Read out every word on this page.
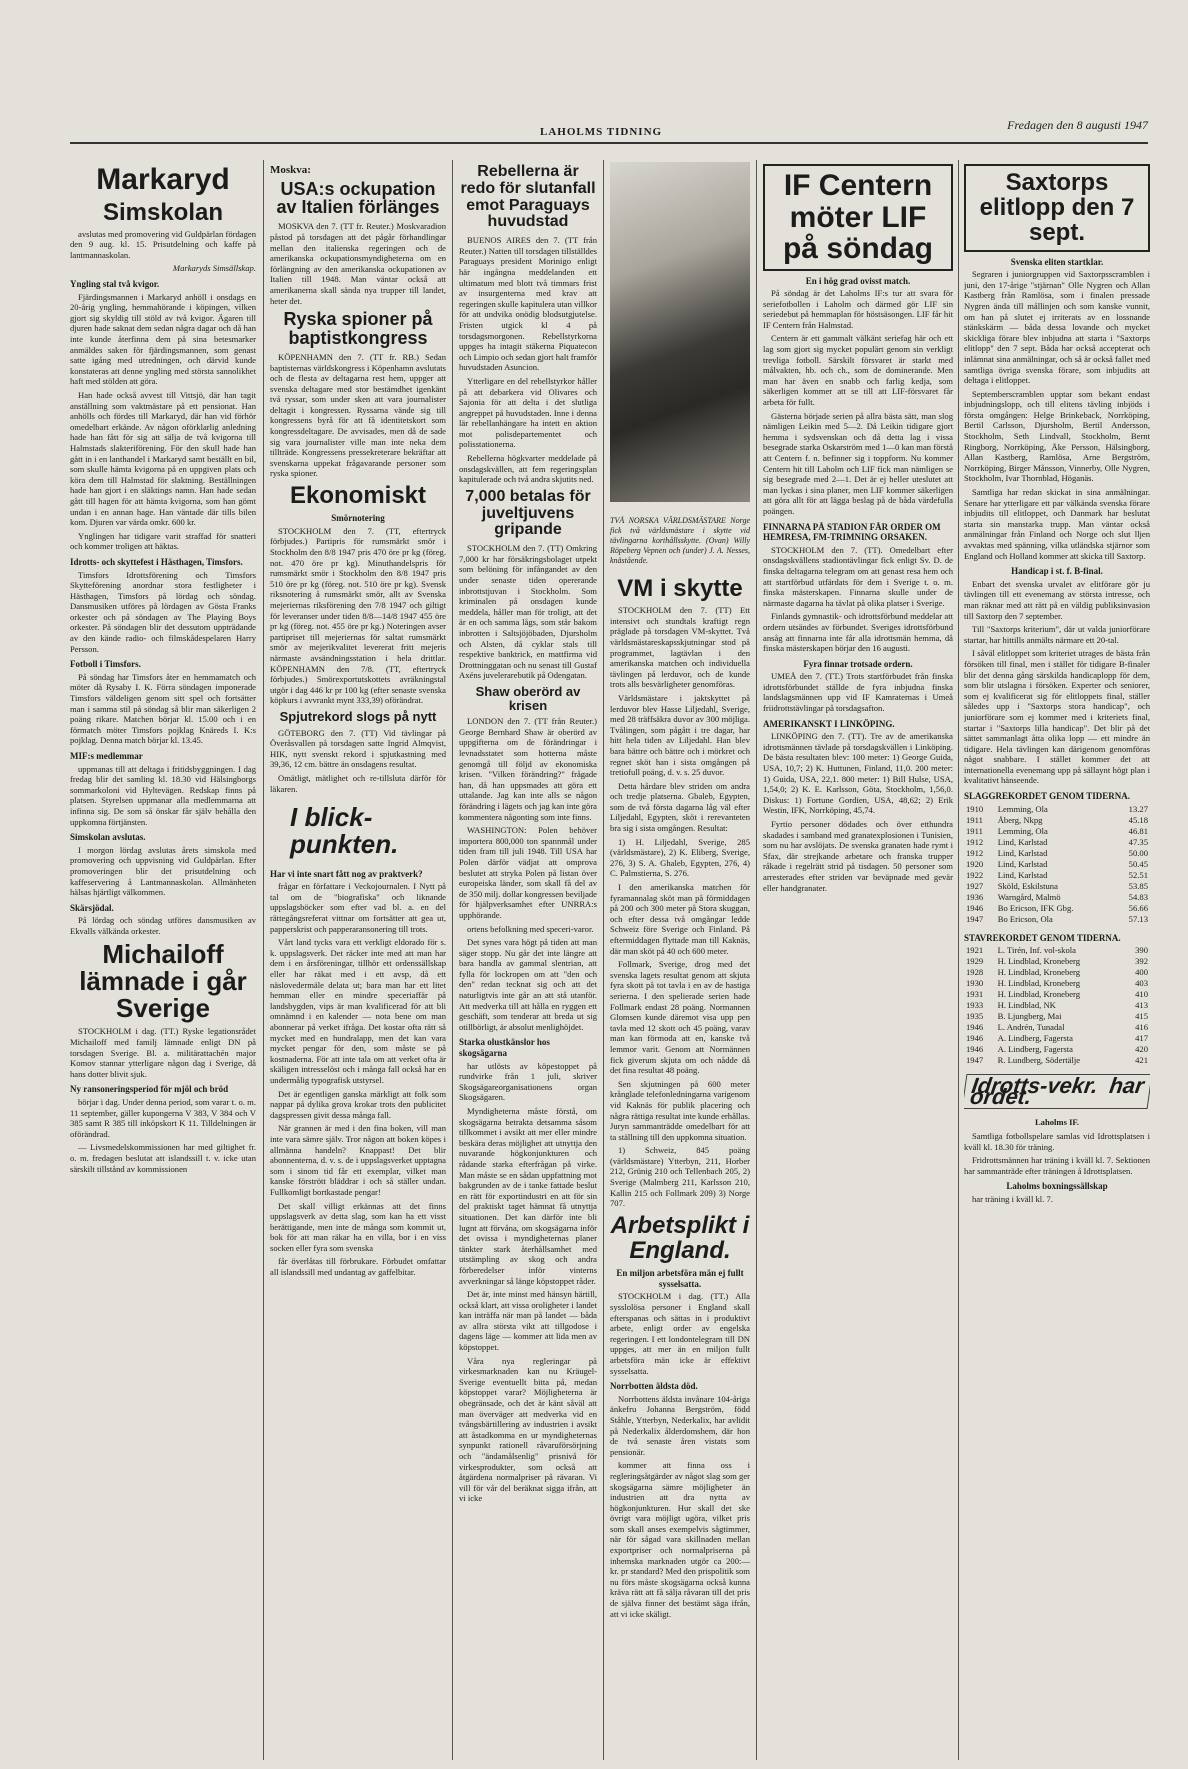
LAHOLMS TIDNING	Fredagen den 8 augusti 1947
Markaryd
Simskolan

avslutas med promovering vid Guldpärlan fördagen den 9 aug. kl. 15. Prisutdelning och kaffe på lantmannaskolan.

Markaryds Simsällskap.

Yngling stal två kvigor.

Fjärdingsmannen i Markaryd anhöll i onsdags en 20-årig yngling, hemmahörande i köpingen, vilken gjort sig skyldig till stöld av två kvigor. Ägaren till djuren hade saknat dem sedan några dagar och då han inte kunde återfinna dem på sina betesmarker anmäldes saken för fjärdingsmannen, som genast satte igång med utredningen, och därvid kunde konstateras att denne yngling med största sannolikhet haft med stölden att göra.

Han hade också avvest till Vittsjö, där han tagit anställning som vaktmästare på ett pensionat. Han anhölls och fördes till Markaryd, där han vid förhör omedelbart erkände. Av någon oförklarlig anledning hade han fått för sig att sälja de två kvigorna till Halmstads slakteriförening. För den skull hade han gått in i en lanthandel i Markaryd samt beställt en bil, som skulle hämta kvigorna på en uppgiven plats och köra dem till Halmstad för slaktning. Beställningen hade han gjort i en släktings namn. Han hade sedan gått till hagen för att hämta kvigorna, som han gömt undan i en annan hage. Han väntade där tills bilen kom. Djuren var värda omkr. 600 kr.

Ynglingen har tidigare varit straffad för snatteri och kommer troligen att häktas.

Idrotts- och skyttefest i Hästhagen, Timsfors.

Timsfors Idrottsförening och Timsfors Skytteförening anordnar stora festligheter i Hästhagen, Timsfors på lördag och söndag. Dansmusiken utföres på lördagen av Gösta Franks orkester och på söndagen av The Playing Boys orkester. På söndagen blir det dessutom uppträdande av den kände radio- och filmskådespelaren Harry Persson.

Fotboll i Timsfors.

På söndag har Timsfors åter en hemmamatch och möter då Rysaby I. K. Förra söndagen imponerade Timsfors väldeligen genom sitt spel och fortsätter man i samma stil på söndag så blir man säkerligen 2 poäng rikare. Matchen börjar kl. 15.00 och i en förmatch möter Timsfors pojklag Knäreds I. K:s pojklag. Denna match börjar kl. 13.45.

MIF:s medlemmar

uppmanas till att deltaga i fritidsbyggningen. I dag fredag blir det samling kl. 18.30 vid Hälsingborgs sommarkoloni vid Hyltevägen. Redskap finns på platsen. Styrelsen uppmanar alla medlemmarna att infinna sig. De som så önskar får själv behålla den uppkomna förtjänsten.

Simskolan avslutas.

I morgon lördag avslutas årets simskola med promovering och uppvisning vid Guldpärlan. Efter promoveringen blir det prisutdelning och kaffeservering å Lantmannaskolan. Allmänheten hälsas hjärtligt välkommen.

Skärsjödal.

På lördag och söndag utföres dansmusiken av Ekvalls välkända orkester.

Michailoff lämnade i går Sverige

STOCKHOLM i dag. (TT.) Ryske legationsrådet Michailoff med familj lämnade enligt DN på torsdagen Sverige. Bl. a. militärattachén major Komov stannar ytterligare någon dag i Sverige, då hans dotter blivit sjuk.

Ny ransoneringsperiod för mjöl och bröd

börjar i dag. Under denna period, som varar t. o. m. 11 september, gäller kupongerna V 383, V 384 och V 385 samt R 385 till inköpskort K 11. Tilldelningen är oförändrad.

— Livsmedelskommissionen har med giltighet fr. o. m. fredagen beslutat att islandssill t. v. icke utan särskilt tillstånd av kommissionen

Moskva:
USA:s ockupation av Italien förlänges

MOSKVA den 7. (TT fr. Reuter.) Moskvaradion påstod på torsdagen att det pågår förhandlingar mellan den italienska regeringen och de amerikanska ockupationsmyndigheterna om en förlängning av den amerikanska ockupationen av Italien till 1948. Man väntar också att amerikanerna skall sända nya trupper till landet, heter det.

Ryska spioner på baptistkongress

KÖPENHAMN den 7. (TT fr. RB.) Sedan baptisternas världskongress i Köpenhamn avslutats och de flesta av deltagarna rest hem, uppger att svenska deltagare med stor bestämdhet igenkänt två ryssar, som under sken att vara journalister deltagit i kongressen. Ryssarna vände sig till kongressens byrå för att få identitetskort som kongressdeltagare. De avvisades, men då de sade sig vara journalister ville man inte neka dem tillträde. Kongressens pressekreterare bekräftar att svenskarna uppekat frågavarande personer som ryska spioner.

Ekonomiskt
Smörnotering

STOCKHOLM den 7. (TT, eftertryck förbjudes.) Partipris för rumsmärkt smör i Stockholm den 8/8 1947 pris 470 öre pr kg (föreg. not. 470 öre pr kg). Minuthandelspris för rumsmärkt smör i Stockholm den 8/8 1947 pris 510 öre pr kg (föreg. not. 510 öre pr kg). Svensk riksnotering å rumsmärkt smör, allt av Svenska mejeriernas riksförening den 7/8 1947 och giltigt för leveranser under tiden 8/8—14/8 1947 455 öre pr kg (föreg. not. 455 öre pr kg.) Noteringen avser partipriset till mejeriernas för saltat rumsmärkt smör av mejerikvalitet levererat fritt mejeris närmaste avsändningsstation i hela drittlar. KÖPENHAMN den 7/8. (TT, eftertryck förbjudes.) Smörexportutskottets avräkningstal utgör i dag 446 kr pr 100 kg (efter senaste svenska köpkurs i avvrankt mynt 333,39) oförändrat.

Spjutrekord slogs på nytt

GÖTEBORG den 7. (TT) Vid tävlingar på Överåsvallen på torsdagen satte Ingrid Almqvist, HIK, nytt svenskt rekord i spjutkastning med 39,36, 12 cm. bättre än onsdagens resultat.

Omätligt, mätlighet och re-tillsluta därför för läkaren.

I blick-
punkten.
Har vi inte snart fått nog av praktverk?

frågar en författare i Veckojournalen. I Nytt på tal om de "biografiska" och liknande uppslagsböcker som efter vad bl. a. en del rättegångsreferat vittnar om fortsätter att gea ut, papperskrist och papperaransonering till trots.

Vårt land tycks vara ett verkligt eldorado för s. k. uppslagsverk. Det räcker inte med att man har dem i en årsföreningar, tillhör ett ordenssällskap eller har räkat med i ett avsp, då ett näslovedermäle delata ut; bara man har ett litet hemman eller en mindre speceriaffär på landsbygden, vips är man kvalificerad för att bli omnämnd i en kalender — nota bene om man abonnerar på verket ifråga. Det kostar ofta rätt så mycket med en hundralapp, men det kan vara mycket pengar för den, som måste se på kostnaderna. För att inte tala om att verket ofta är skäligen intresselöst och i många fall också har en undermålig typografisk utstyrsel.

Det är egentligen ganska märkligt att folk som nappar på dylika grova krokar trots den publicitet dagspressen givit dessa många fall.

När grannen är med i den fina boken, vill man inte vara sämre själv. Tror någon att boken köpes i allmänna handeln? Knappast! Det blir abonnenterna, d. v. s. de i uppslagsverket upptagna som i sinom tid får ett exemplar, vilket man kanske förstrött bläddrar i och så ställer undan. Fullkomligt bortkastade pengar!

Det skall villigt erkännas att det finns uppslagsverk av detta slag, som kan ha ett visst berättigande, men inte de många som kommit ut, bok för att man räkar ha en villa, bor i en viss socken eller fyra som svenska

får överlåtas till förbrukare. Förbudet omfattar all islandssill med undantag av gaffelbitar.

Rebellerna är redo för slutanfall emot Paraguays huvudstad

BUENOS AIRES den 7. (TT från Reuter.) Natten till torsdagen tillställdes Paraguays president Morinigo enligt här ingångna meddelanden ett ultimatum med blott två timmars frist av insurgenterna med krav att regeringen skulle kapitulera utan villkor för att undvika onödig blodsutgjutelse. Fristen utgick kl 4 på torsdagsmorgonen. Rebellstyrkorna uppges ha intagit stäkerna Piquatecon och Limpio och sedan gjort halt framför huvudstaden Asuncion.

Ytterligare en del rebellstyrkor håller på att debarkera vid Olivares och Sajonia för att delta i det slutliga angreppet på huvudstaden. Inne i denna lär rebellanhängare ha intett en aktion mot polisdepartementet och polisstationerna.

Rebellerna högkvarter meddelade på onsdagskvällen, att fem regeringsplan kapitulerade och två andra skjutits ned.

7,000 betalas för juveltjuvens gripande

STOCKHOLM den 7. (TT) Omkring 7,000 kr har försäkringsbolaget utpekt som belöning för infångandet av den under senaste tiden opererande inbrottstjuvan i Stockholm. Som kriminalen på onsdagen kunde meddela, håller man för troligt, att det är en och samma lågs, som står bakom inbrotten i Saltsjöjöbaden, Djursholm och Alsten, då cyklar stals till respektive banktrick, en mattfirma vid Drottninggatan och nu senast till Gustaf Axéns juvelerarebutik på Odengatan.

Shaw oberörd av krisen

LONDON den 7. (TT från Reuter.) George Bernhard Shaw är oberörd av uppgifterna om de förändringar i levnadsstatet som hotterna måste genomgå till följd av ekonomiska krisen. "Vilken förändring?" frågade han, då han uppsmades att göra ett uttalande. Jag kan inte alls se någon förändring i lägets och jag kan inte göra kommentera någonting som inte finns.

WASHINGTON: Polen behöver importera 800,000 ton spannmål under tiden fram till juli 1948. Till USA har Polen därför vädjat att omprova beslutet att stryka Polen på listan över europeiska länder, som skall få del av de 350 milj. dollar kongressen beviljade för hjälpverksamhet efter UNRRA:s upphörande.

ortens befolkning med speceri-varor.

Det synes vara högt på tiden att man säger stopp. Nu går det inte längre att bara handla av gammal slentrian, att fylla för lockropen om att "den och den" redan tecknat sig och att det naturligtvis inte går an att stå utanför. Att medverka till att hålla en ryggen ett geschäft, som tenderar att breda ut sig otillbörligt, är absolut menlighöjdet.

Starka olustkänslor hos skogsägarna

har utlösts av köpestoppet på rundvirke från 1 juli, skriver Skogsägareorganisationens organ Skogsägaren.

Myndigheterna måste förstå, om skogsägarna betrakta detsamma såsom tillkommet i avsikt att mer eller mindre beskära deras möjlighet att utnyttja den nuvarande högkonjunkturen och rådande starka efterfrågan på virke. Man måste se en sådan uppfattning mot bakgrunden av de i tanke fattade beslut en rätt för exportindustri en att för sin del praktiskt taget hämnat få utnyttja situationen. Det kan därför inte bli lugnt att förvåna, om skogsägarna inför det ovissa i myndigheternas planer tänkter stark återhållsamhet med utstämpling av skog och andra förberedelser inför vinterns avverkningar så länge köpstoppet råder.

Det är, inte minst med hänsyn härtill, också klart, att vissa oroligheter i landet kan inträffa när man på landet — båda av allra största vikt att tillgodose i dagens läge — kommer att lida men av köpstoppet.

Våra nya regleringar på virkesmarknaden kan nu Kräugel-Sverige eventuellt bitta på, medan köpstoppet varar? Möjligheterna är obegränsade, och det är känt såväl att man överväger att medverka vid en tvångsbärtillering av industrien i avsikt att åstadkomma en ur myndigheternas synpunkt rationell råvaruförsörjning och "ändamålsenlig" prisnivå för virkesprodukter, som också att åtgärdena normalpriser på rävaran. Vi vill för vår del beräknat sigga ifrån, att vi icke

TVÅ NORSKA VÄRLDSMÄSTARE Norge fick två världsmästare i skytte vid tävlingarna korthållsskytte. (Ovan) Willy Röpeberg Vepnen och (under) J. A. Nesses, knästående.
VM i skytte

STOCKHOLM den 7. (TT) Ett intensivt och stundtals kraftigt regn präglade på torsdagen VM-skyttet. Två världsmästareskapsskjutningar stod på programmet, lagtävlan i den amerikanska matchen och individuella tävlingen på lerduvor, och de kunde trots alls besvärligheter genomföras.

Världsmästare i jaktskyttet på lerduvor blev Hasse Liljedahl, Sverige, med 28 träffsäkra duvor av 300 möjliga. Tvålingen, som pågått i tre dagar, har hitt hela tiden av Liljedahl. Han blev bara bättre och bättre och i mörkret och regnet sköt han i sista omgången på tretiofull poäng, d. v. s. 25 duvor.

Detta hårdare blev striden om andra och tredje platserna. Gbaleb, Egypten, som de två första dagarna låg väl efter Liljedahl, Egypten, sköt i rerevanteten bra sig i sista omgången. Resultat:

1) H. Liljedahl, Sverige, 285 (världsmästare), 2) K. Eliberg, Sverige, 276, 3) S. A. Ghaleb, Egypten, 276, 4) C. Palmstierna, S. 276.

I den amerikanska matchen för fyramannalag sköt man på förmiddagen på 200 och 300 meter på Stora skuggan, och efter dessa två omgångar ledde Schweiz före Sverige och Finland. På eftermiddagen flyttade man till Kaknäs, där man sköt på 40 och 600 meter.

Follmark, Sverige, drog med det svenska lagets resultat genom att skjuta fyra skott på tot tavla i en av de hastiga serierna. I den spelierade serien hade Follmark endast 28 poäng. Normannen Glomsen kunde däremot visa upp pen tavla med 12 skott och 45 poäng, varav man kan förmoda att en, kanske två lemmor varit. Genom att Normännen fick giverum skjuta om och nådde då det fina resultat 48 poäng.

Sen skjutningen på 600 meter krånglade telefonledningarna varigenom vid Kaknäs för publik placering och några rättiga resultat inte kunde erhållas. Juryn sammanträdde omedelbart för att ta ställning till den uppkomna situation.

1) Schweiz, 845 poäng (världsmästare) Ytterbyn, 211, Horber 212, Grünig 210 och Tellenbach 205, 2) Sverige (Malmberg 211, Karlsson 210, Kallin 215 och Follmark 209) 3) Norge 707.

Arbetsplikt i England.
En miljon arbetsföra män ej fullt sysselsatta.

STOCKHOLM i dag. (TT.) Alla sysslolösa personer i England skall efterspanas och sättas in i produktivt arbete, enligt order av engelska regeringen. I ett londontelegram till DN uppges, att mer än en miljon fullt arbetsföra män icke är effektivt sysselsatta.

Norrbotten äldsta död.

Norrbottens äldsta invånare 104-åriga änkefru Johanna Bergström, född Ståhle, Ytterbyn, Nederkalix, har avlidit på Nederkalix ålderdomshem, där hon de två senaste åren vistats som pensionär.

kommer att finna oss i regleringsåtgärder av något slag som ger skogsägarna sämre möjligheter än industrien att dra nytta av högkonjunkturen. Hur skall det ske övrigt vara möjligt ugöra, vilket pris som skall anses exempelvis sågtimmer, när för sågad vara skillnaden mellan exportpriser och normalpriserna på inhemska marknaden utgör ca 200:— kr. pr standard? Med den prispolitik som nu förs måste skogsägarna också kunna kräva rätt att få sälja råvaran till det pris de själva finner det bestämt säga ifrån, att vi icke skäligt.

IF Centern möter LIF på söndag
En i hög grad ovisst match.

På söndag är det Laholms IF:s tur att svara för seriefotbollen i Laholm och därmed gör LIF sin seriedebut på hemmaplan för höstsäsongen. LIF får hit IF Centern från Halmstad.

Centern är ett gammalt välkänt seriefag här och ett lag som gjort sig mycket populärt genom sin verkligt trevliga fotboll. Särskilt försvaret är starkt med målvakten, hb. och ch., som de dominerande. Men man har även en snabb och farlig kedja, som säkerligen kommer att se till att LIF-försvaret får arbeta för fullt.

Gästerna började serien på allra bästa sätt, man slog nämligen Leikin med 5—2. Då Leikin tidigare gjort hemma i sydsvenskan och då detta lag i vissa besegrade starka Oskarström med 1—0 kan man förstå att Centern f. n. befinner sig i toppform. Nu kommer Centern hit till Laholm och LIF fick man nämligen se sig besegrade med 2—1. Det är ej heller uteslutet att man lyckas i sina planer, men LIF kommer säkerligen att göra allt för att lägga beslag på de båda värdefulla poängen.

FINNARNA PÅ STADION FÅR ORDER OM HEMRESA, FM-TRIMNING ORSAKEN.

STOCKHOLM den 7. (TT). Omedelbart efter onsdagskvällens stadiontävlingar fick enligt Sv. D. de finska deltagarna telegram om att genast resa hem och att startförbud utfärdats för dem i Sverige t. o. m. finska mästerskapen. Finnarna skulle under de närmaste dagarna ha tävlat på olika platser i Sverige.

Finlands gymnastik- och idrottsförbund meddelar att ordern utsändes av förbundet. Sveriges idrottsförbund ansåg att finnarna inte får alla idrottsmän hemma, då finska mästerskapen börjar den 16 augusti.

Fyra finnar trotsade ordern.

UMEÅ den 7. (TT.) Trots startförbudet från finska idrottsförbundet ställde de fyra inbjudna finska landslagsmännen upp vid IF Kamraternas i Umeå friidrottstävlingar på torsdagsafton.

AMERIKANSKT I LINKÖPING.

LINKÖPING den 7. (TT). Tre av de amerikanska idrottsmännen tävlade på torsdagskvällen i Linköping. De bästa resultaten blev: 100 meter: 1) George Guida, USA, 10,7; 2) K. Huttunen, Finland, 11,0. 200 meter: 1) Guida, USA, 22,1. 800 meter: 1) Bill Hulse, USA, 1,54,0; 2) K. E. Karlsson, Göta, Stockholm, 1,56,0. Diskus: 1) Fortune Gordien, USA, 48,62; 2) Erik Westin, IFK, Norrköping, 45,74.

Fyrtio personer dödades och över etthundra skadades i samband med granatexplosionen i Tunisien, som nu har avslöjats. De svenska granaten hade rymt i Sfax, där strejkande arbetare och franska trupper råkade i regelrätt strid på tisdagen. 50 personer som arresterades efter striden var beväpnade med gevär eller handgranater.

Saxtorps elitlopp den 7 sept.
Svenska eliten startklar.

Segraren i juniorgruppen vid Saxtorpsscramblen i juni, den 17-årige "stjärnan" Olle Nygren och Allan Kastberg från Ramlösa, som i finalen pressade Nygren ända till mållinjen och som kanske vunnit, om han på slutet ej irriterats av en lossnande stänkskärm — båda dessa lovande och mycket skickliga förare blev inbjudna att starta i "Saxtorps elitlopp" den 7 sept. Båda har också accepterat och inlämnat sina anmälningar, och så är också fallet med samtliga övriga svenska förare, som inbjudits att deltaga i elitloppet.

Septemberscramblen upptar som bekant endast inbjudningslopp, och till elitens tävling inbjöds i första omgången: Helge Brinkeback, Norrköping, Bertil Carlsson, Djursholm, Bertil Andersson, Stockholm, Seth Lindvall, Stockholm, Bernt Ringborg, Norrköping, Åke Persson, Hälsingborg, Allan Kastberg, Ramlösa, Arne Bergström, Norrköping, Birger Månsson, Vinnerby, Olle Nygren, Stockholm, Ivar Thornblad, Höganäs.

Samtliga har redan skickat in sina anmälningar. Senare har ytterligare ett par välkända svenska förare inbjudits till elitloppet, och Danmark har beslutat starta sin manstarka trupp. Man väntar också anmälningar från Finland och Norge och slut lljen avvaktas med spänning, vilka utländska stjärnor som England och Holland kommer att skicka till Saxtorp.

Handicap i st. f. B-final.

Enbart det svenska urvalet av elitförare gör ju tävlingen till ett evenemang av största intresse, och man räknar med att rätt på en väldig publiksinvasion till Saxtorp den 7 september.

Till "Saxtorps kriterium", där ut valda juniorförare startar, har hittills anmälts närmare ett 20-tal.

I såväl elitloppet som kriteriet utrages de bästa från försöken till final, men i stället för tidigare B-finaler blir det denna gång särskilda handicaplopp för dem, som blir utslagna i försöken. Experter och seniorer, som ej kvalificerat sig för elitloppets final, ställer således upp i "Saxtorps stora handicap", och juniorförare som ej kommer med i kriteriets final, startar i "Saxtorps lilla handicap". Det blir på det sättet sammanlagt åtta olika lopp — ett mindre än tidigare. Hela tävlingen kan därigenom genomföras något snabbare. I stället kommer det att internationella evenemang upp på sällaynt högt plan i kvalitativt hänseende.

SLAGGREKORDET GENOM TIDERNA.
1910	Lemming, Ola	13.27
1911	Åberg, Nkpg	45.18
1911	Lemming, Ola	46.81
1912	Lind, Karlstad	47.35
1912	Lind, Karlstad	50.00
1920	Lind, Karlstad	50.45
1922	Lind, Karlstad	52.51
1927	Sköld, Eskilstuna	53.85
1936	Warngård, Malmö	54.83
1946	Bo Ericson, IFK Gbg.	56.66
1947	Bo Ericson, Ola	57.13
STAVREKORDET GENOM TIDERNA.
1921	L. Tirén, Inf. vol-skola	390
1929	H. Lindblad, Kroneberg	392
1928	H. Lindblad, Kroneberg	400
1930	H. Lindblad, Kroneberg	403
1931	H. Lindblad, Kroneberg	410
1933	H. Lindblad, NK	413
1935	B. Ljungberg, Mai	415
1946	L. Andrén, Tunadal	416
1946	A. Lindberg, Fagersta	417
1946	A. Lindberg, Fagersta	420
1947	R. Lundberg, Södertälje	421
Idrotts-vekr. har ordet.

Laholms IF.

Samtliga fotbollspelare samlas vid Idrottsplatsen i kväll kl. 18.30 för träning.

Fridrottsmännen har träning i kväll kl. 7. Sektionen har sammanträde efter träningen å Idrottsplatsen.

Laholms boxningssällskap

har träning i kväll kl. 7.
